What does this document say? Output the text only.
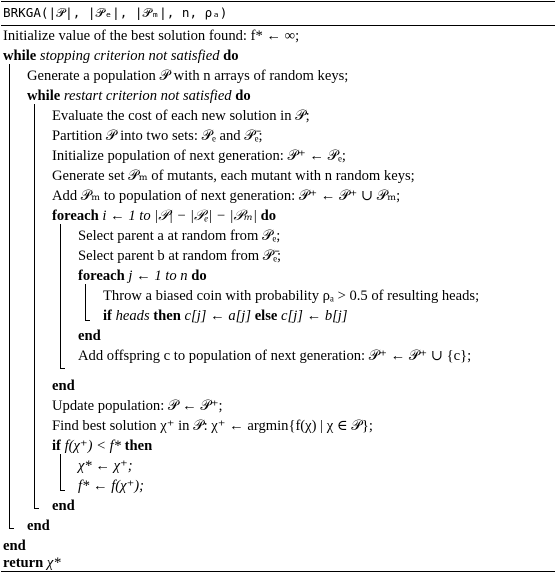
BRKGA(|𝒫|, |𝒫ₑ|, |𝒫ₘ|, n, ρₐ)
Initialize value of the best solution found: f* ← ∞;
while stopping criterion not satisfied do
Generate a population 𝒫 with n arrays of random keys;
while restart criterion not satisfied do
Evaluate the cost of each new solution in 𝒫;
Partition 𝒫 into two sets: 𝒫ₑ and 𝒫ₑ̄;
Initialize population of next generation: 𝒫⁺ ← 𝒫ₑ;
Generate set 𝒫ₘ of mutants, each mutant with n random keys;
Add 𝒫ₘ to population of next generation: 𝒫⁺ ← 𝒫⁺ ∪ 𝒫ₘ;
foreach i ← 1 to |𝒫| − |𝒫ₑ| − |𝒫ₘ| do
Select parent a at random from 𝒫ₑ;
Select parent b at random from 𝒫ₑ̄;
foreach j ← 1 to n do
Throw a biased coin with probability ρₐ > 0.5 of resulting heads;
if heads then c[j] ← a[j] else c[j] ← b[j]
end
Add offspring c to population of next generation: 𝒫⁺ ← 𝒫⁺ ∪ {c};
end
Update population: 𝒫 ← 𝒫⁺;
Find best solution χ⁺ in 𝒫: χ⁺ ← argmin{f(χ) | χ ∈ 𝒫};
if f(χ⁺) < f* then
χ* ← χ⁺;
f* ← f(χ⁺);
end
end
end
return χ*
